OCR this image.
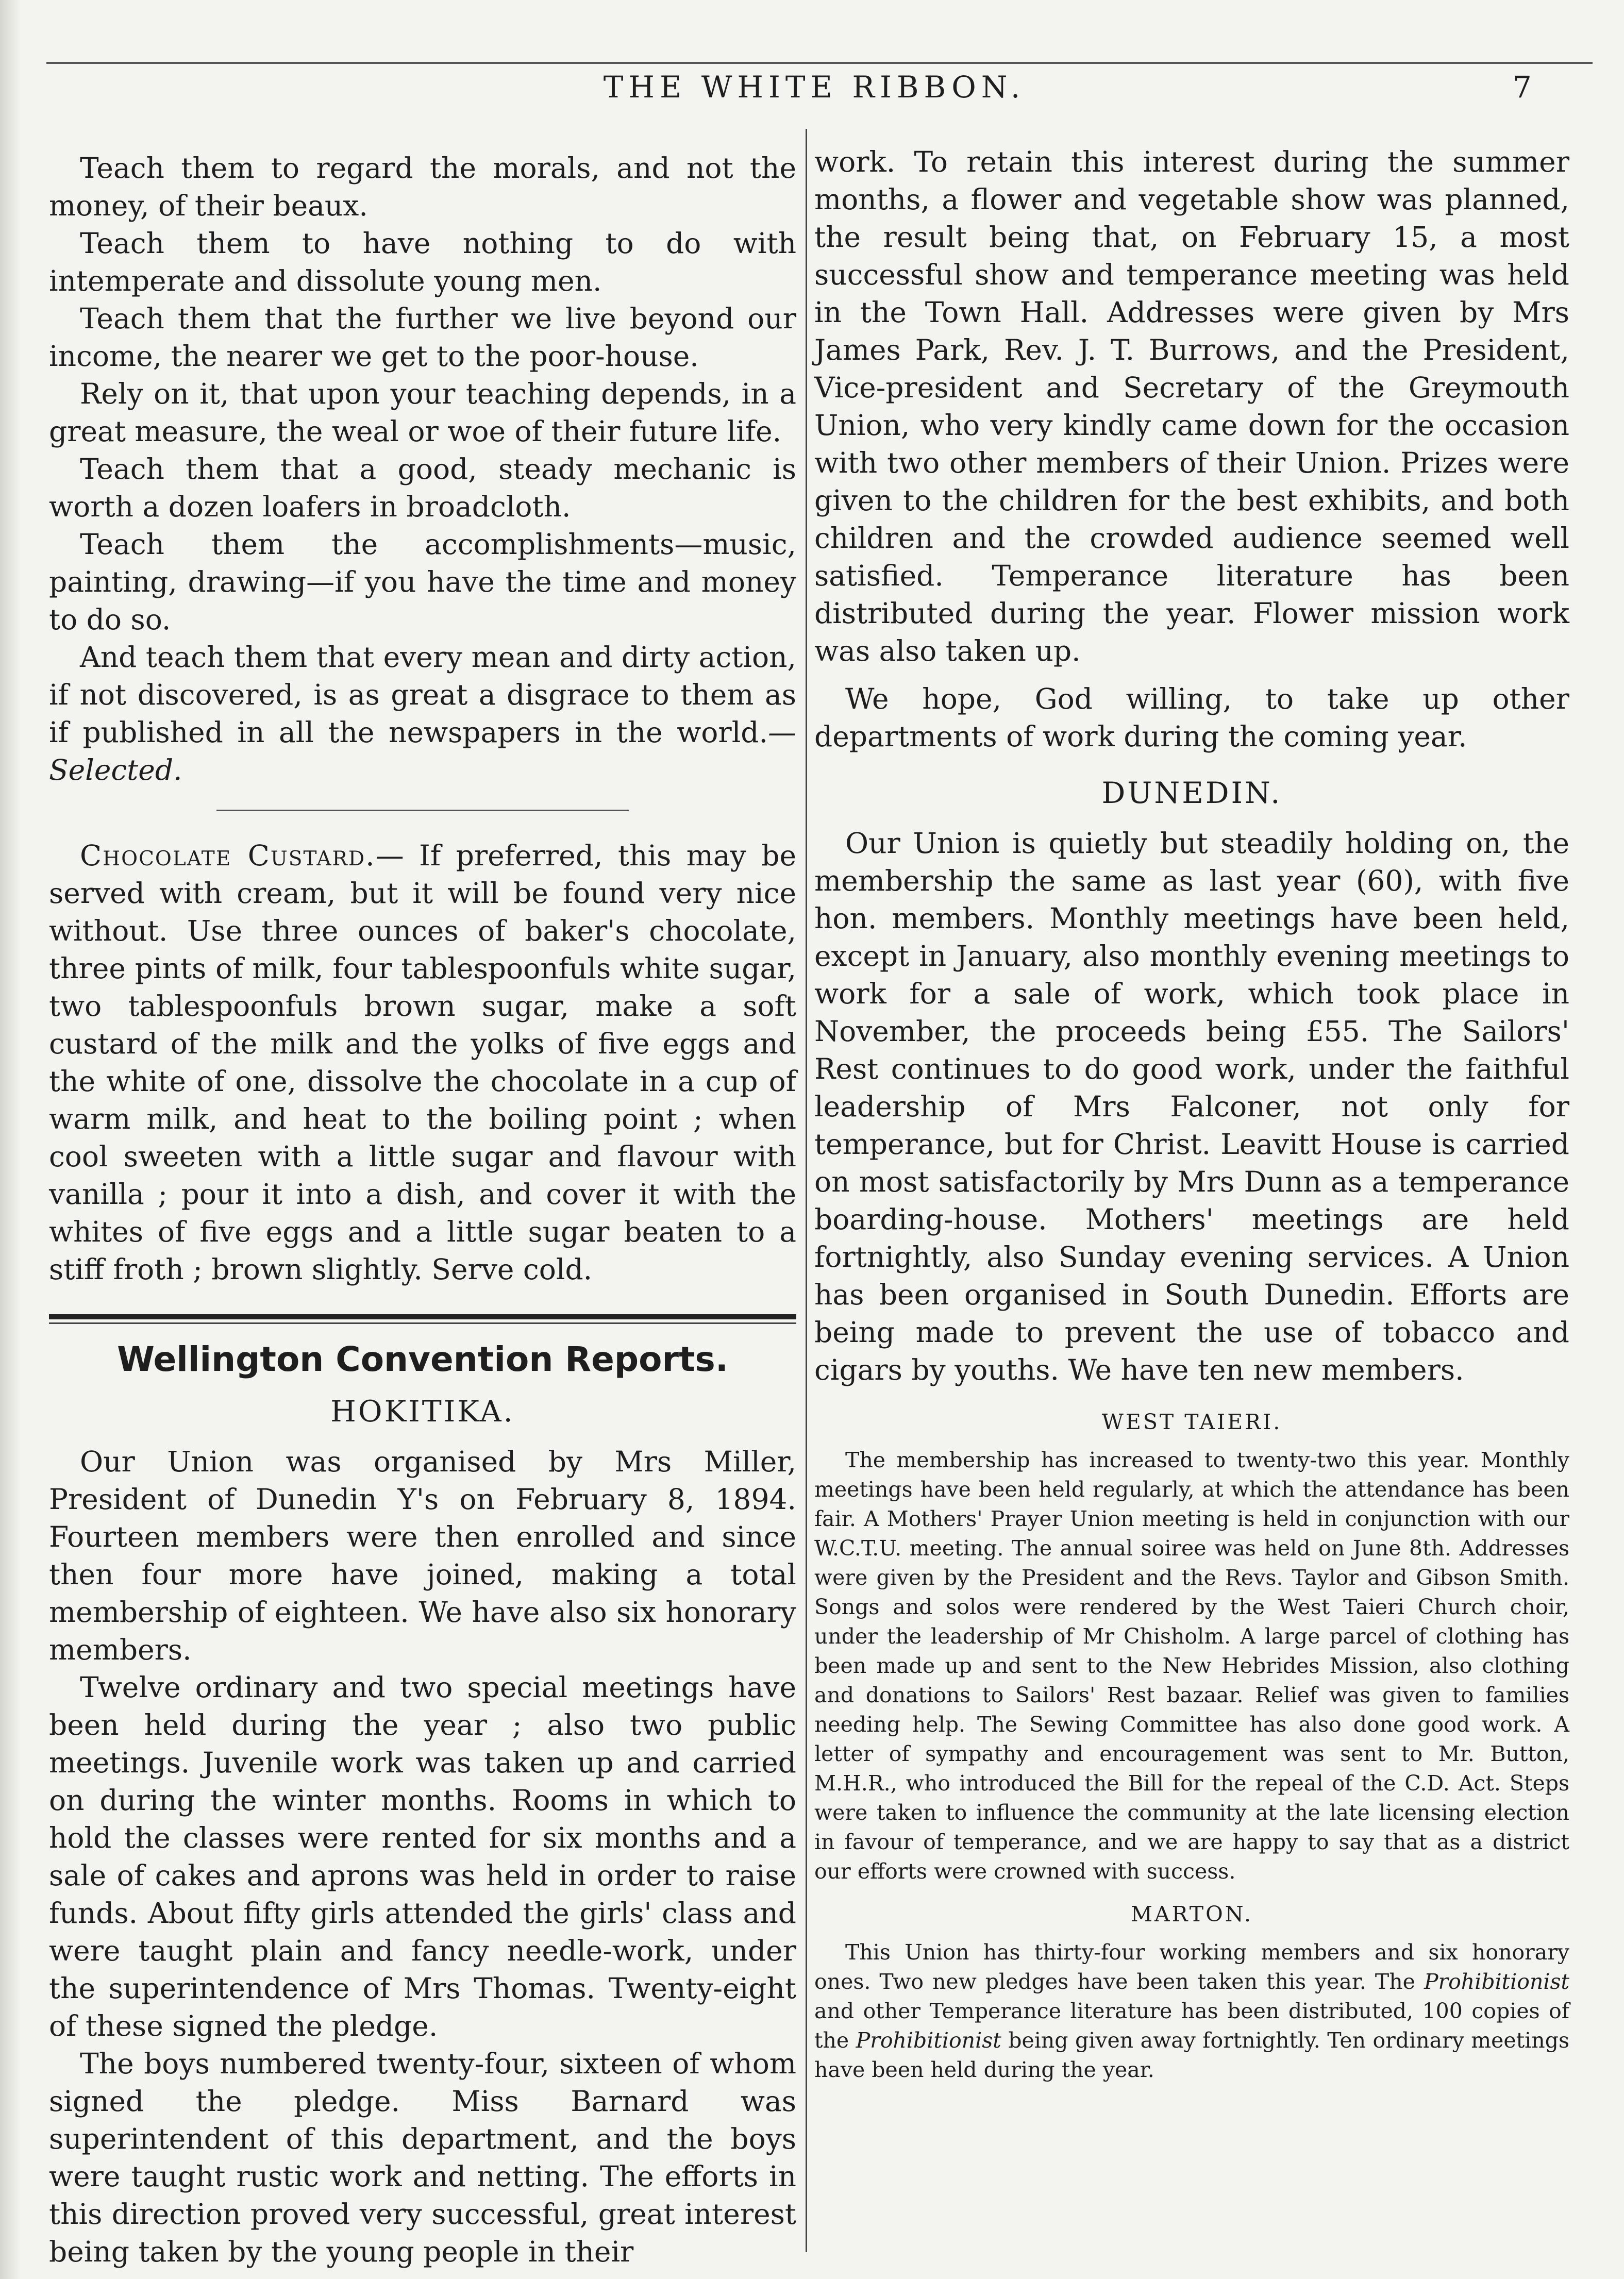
THE WHITE RIBBON.	7

Teach them to regard the morals, and not the money, of their beaux.

Teach them to have nothing to do with intemperate and dissolute young men.

Teach them that the further we live beyond our income, the nearer we get to the poor-house.

Rely on it, that upon your teaching depends, in a great measure, the weal or woe of their future life.

Teach them that a good, steady mechanic is worth a dozen loafers in broadcloth.

Teach them the accomplishments—music, painting, drawing—if you have the time and money to do so.

And teach them that every mean and dirty action, if not discovered, is as great a disgrace to them as if published in all the newspapers in the world.—Selected.

Chocolate Custard.— If preferred, this may be served with cream, but it will be found very nice without. Use three ounces of baker's chocolate, three pints of milk, four tablespoonfuls white sugar, two tablespoonfuls brown sugar, make a soft custard of the milk and the yolks of five eggs and the white of one, dissolve the chocolate in a cup of warm milk, and heat to the boiling point ; when cool sweeten with a little sugar and flavour with vanilla ; pour it into a dish, and cover it with the whites of five eggs and a little sugar beaten to a stiff froth ; brown slightly. Serve cold.

Wellington Convention Reports.
HOKITIKA.

Our Union was organised by Mrs Miller, President of Dunedin Y's on February 8, 1894. Fourteen members were then enrolled and since then four more have joined, making a total membership of eighteen. We have also six honorary members.

Twelve ordinary and two special meetings have been held during the year ; also two public meetings. Juvenile work was taken up and carried on during the winter months. Rooms in which to hold the classes were rented for six months and a sale of cakes and aprons was held in order to raise funds. About fifty girls attended the girls' class and were taught plain and fancy needle-work, under the superintendence of Mrs Thomas. Twenty-eight of these signed the pledge.

The boys numbered twenty-four, sixteen of whom signed the pledge. Miss Barnard was superintendent of this department, and the boys were taught rustic work and netting. The efforts in this direction proved very successful, great interest being taken by the young people in their

work. To retain this interest during the summer months, a flower and vegetable show was planned, the result being that, on February 15, a most successful show and temperance meeting was held in the Town Hall. Addresses were given by Mrs James Park, Rev. J. T. Burrows, and the President, Vice-president and Secretary of the Greymouth Union, who very kindly came down for the occasion with two other members of their Union. Prizes were given to the children for the best exhibits, and both children and the crowded audience seemed well satisfied. Temperance literature has been distributed during the year. Flower mission work was also taken up.

We hope, God willing, to take up other departments of work during the coming year.

DUNEDIN.

Our Union is quietly but steadily holding on, the membership the same as last year (60), with five hon. members. Monthly meetings have been held, except in January, also monthly evening meetings to work for a sale of work, which took place in November, the proceeds being £55. The Sailors' Rest continues to do good work, under the faithful leadership of Mrs Falconer, not only for temperance, but for Christ. Leavitt House is carried on most satisfactorily by Mrs Dunn as a temperance boarding-house. Mothers' meetings are held fortnightly, also Sunday evening services. A Union has been organised in South Dunedin. Efforts are being made to prevent the use of tobacco and cigars by youths. We have ten new members.

WEST TAIERI.

The membership has increased to twenty-two this year. Monthly meetings have been held regularly, at which the attendance has been fair. A Mothers' Prayer Union meeting is held in conjunction with our W.C.T.U. meeting. The annual soiree was held on June 8th. Addresses were given by the President and the Revs. Taylor and Gibson Smith. Songs and solos were rendered by the West Taieri Church choir, under the leadership of Mr Chisholm. A large parcel of clothing has been made up and sent to the New Hebrides Mission, also clothing and donations to Sailors' Rest bazaar. Relief was given to families needing help. The Sewing Committee has also done good work. A letter of sympathy and encouragement was sent to Mr. Button, M.H.R., who introduced the Bill for the repeal of the C.D. Act. Steps were taken to influence the community at the late licensing election in favour of temperance, and we are happy to say that as a district our efforts were crowned with success.

MARTON.

This Union has thirty-four working members and six honorary ones. Two new pledges have been taken this year. The Prohibitionist and other Temperance literature has been distributed, 100 copies of the Prohibitionist being given away fortnightly. Ten ordinary meetings have been held during the year.
